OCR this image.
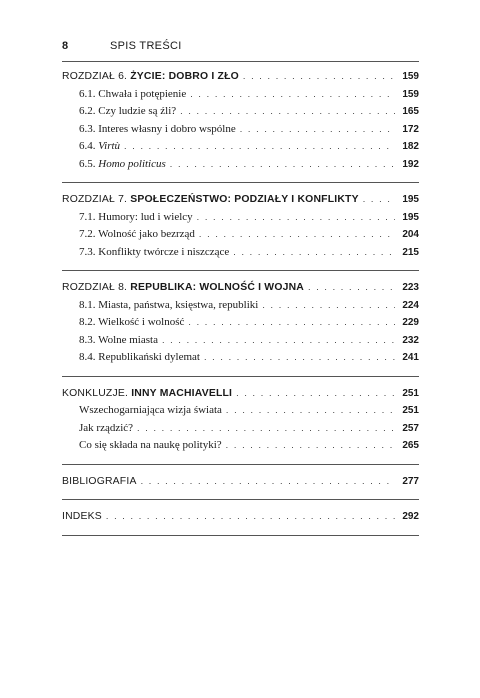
8	SPIS TREŚCI
ROZDZIAŁ 6. ŻYCIE: DOBRO I ZŁO . . .	159
6.1. Chwała i potępienie . . .	159
6.2. Czy ludzie są źli? . . .	165
6.3. Interes własny i dobro wspólne . . .	172
6.4. Virtù . . .	182
6.5. Homo politicus . . .	192
ROZDZIAŁ 7. SPOŁECZEŃSTWO: PODZIAŁY I KONFLIKTY . . .	195
7.1. Humory: lud i wielcy . . .	195
7.2. Wolność jako bezrząd . . .	204
7.3. Konflikty twórcze i niszczące . . .	215
ROZDZIAŁ 8. REPUBLIKA: WOLNOŚĆ I WOJNA . . .	223
8.1. Miasta, państwa, księstwa, republiki . . .	224
8.2. Wielkość i wolność . . .	229
8.3. Wolne miasta . . .	232
8.4. Republikański dylemat . . .	241
KONKLUZJE. INNY MACHIAVELLI . . .	251
Wszechogarniająca wizja świata . . .	251
Jak rządzić? . . .	257
Co się składa na naukę polityki? . . .	265
BIBLIOGRAFIA . . .	277
INDEKS . . .	292
